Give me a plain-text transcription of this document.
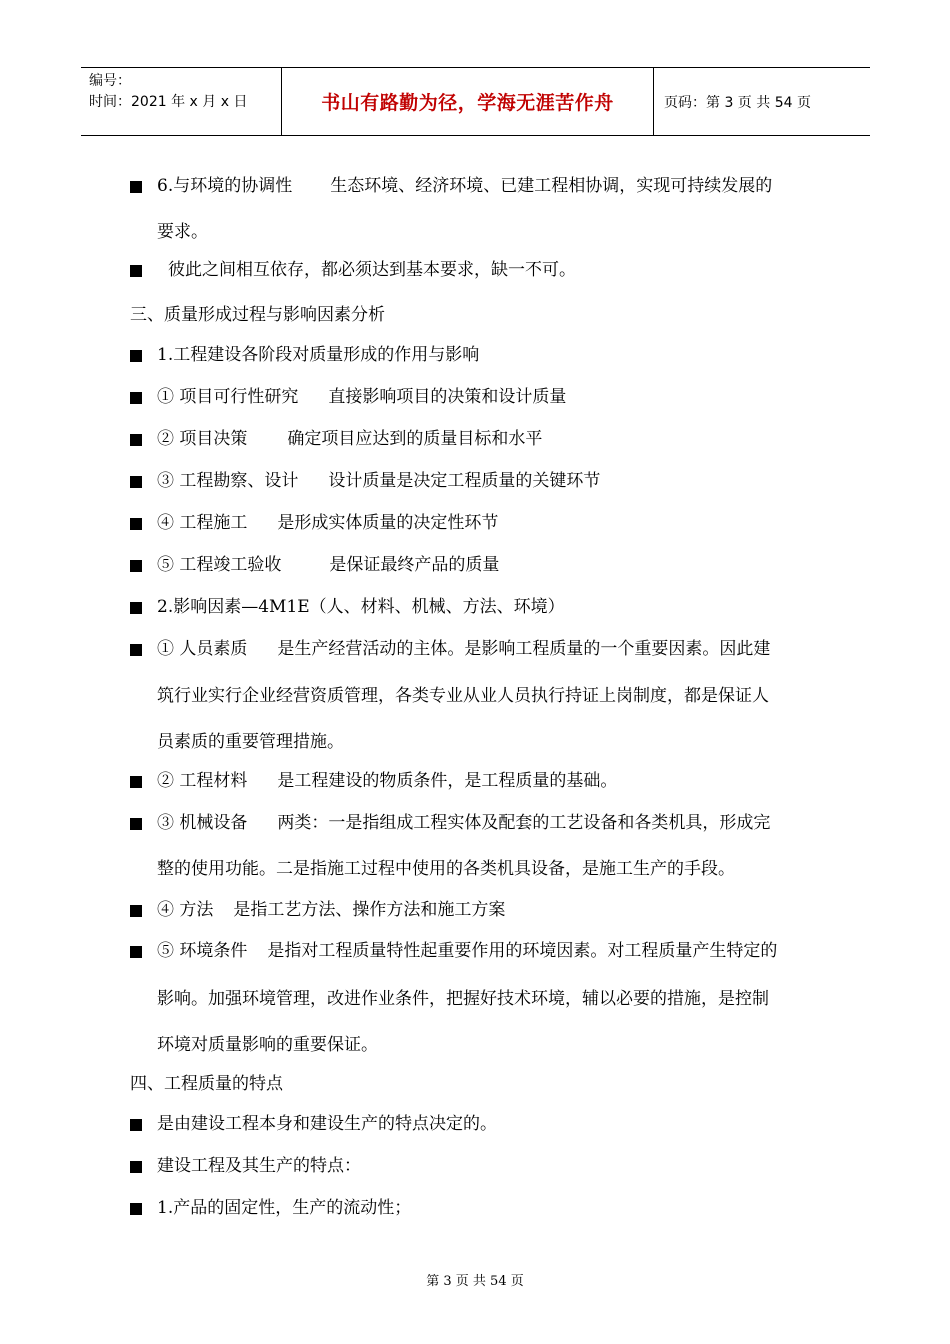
编号：
时间：2021 年 x 月 x 日	书山有路勤为径，学海无涯苦作舟	页码：第 3 页 共 54 页
6.与环境的协调性 生态环境、经济环境、已建工程相协调，实现可持续发展的
要求。
彼此之间相互依存，都必须达到基本要求，缺一不可。
三、质量形成过程与影响因素分析
1.工程建设各阶段对质量形成的作用与影响
① 项目可行性研究 直接影响项目的决策和设计质量
② 项目决策 确定项目应达到的质量目标和水平
③ 工程勘察、设计 设计质量是决定工程质量的关键环节
④ 工程施工 是形成实体质量的决定性环节
⑤ 工程竣工验收	是保证最终产品的质量
2.影响因素—4M1E（人、材料、机械、方法、环境）
① 人员素质 是生产经营活动的主体。是影响工程质量的一个重要因素。因此建
筑行业实行企业经营资质管理，各类专业从业人员执行持证上岗制度，都是保证人
员素质的重要管理措施。
② 工程材料 是工程建设的物质条件，是工程质量的基础。
③ 机械设备 两类：一是指组成工程实体及配套的工艺设备和各类机具，形成完
整的使用功能。二是指施工过程中使用的各类机具设备，是施工生产的手段。
④ 方法 是指工艺方法、操作方法和施工方案
⑤ 环境条件 是指对工程质量特性起重要作用的环境因素。对工程质量产生特定的
影响。加强环境管理，改进作业条件，把握好技术环境，辅以必要的措施，是控制
环境对质量影响的重要保证。
四、工程质量的特点
是由建设工程本身和建设生产的特点决定的。
建设工程及其生产的特点：
1.产品的固定性，生产的流动性；
第 3 页 共 54 页
